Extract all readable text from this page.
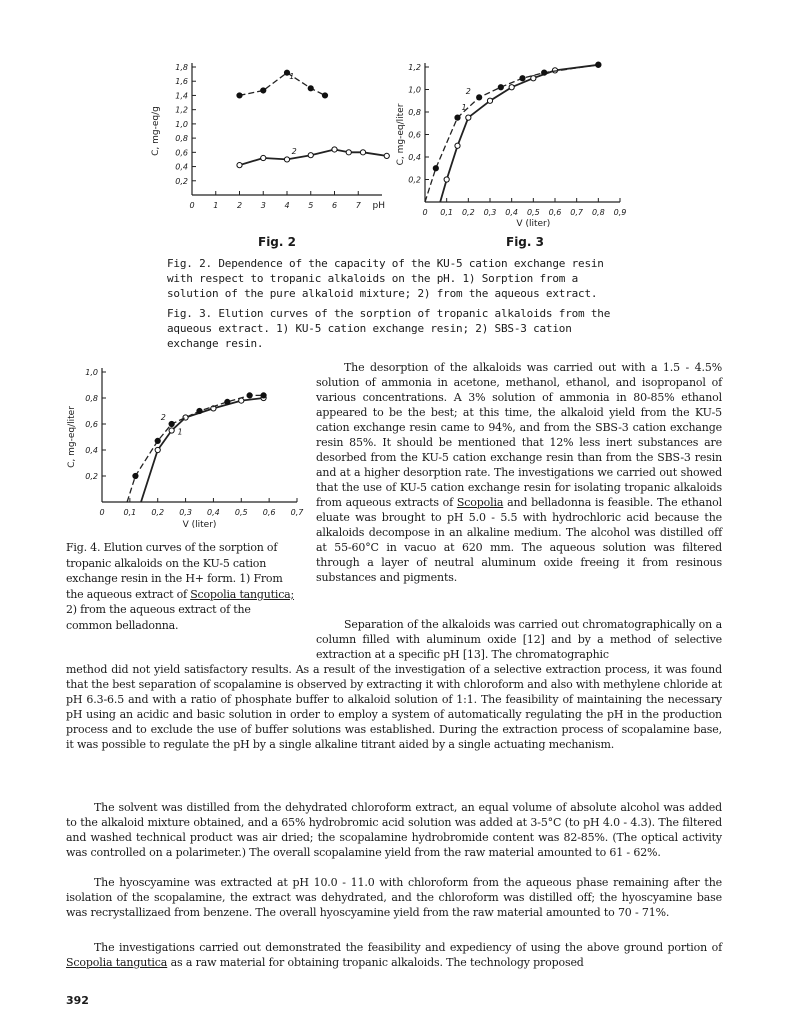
0,2
0,4
0,6
0,8
1,0
1,2
1,4
1,6
1,8
0 1 2 3 4 5 6 7
C, mg-eq/g
pH
1
2
Fig. 2
0,2
0,4
0,6
0,8
1,0
1,2
0 0,1 0,2 0,3 0,4 0,5 0,6 0,7 0,8 0,9
C, mg-eq/liter
V (liter)
1
2
Fig. 3
Fig. 2. Dependence of the capacity of the KU-5 cation exchange resin with respect to tropanic alkaloids on the pH. 1) Sorption from a solution of the pure alkaloid mixture; 2) from the aqueous extract.
Fig. 3. Elution curves of the sorption of tropanic alkaloids from the aqueous extract. 1) KU-5 cation exchange resin; 2) SBS-3 cation exchange resin.
0,2
0,4
0,6
0,8
1,0
0 0,1 0,2 0,3 0,4 0,5 0,6 0,7
C, mg-eq/liter
V (liter)
1
2
Fig. 4. Elution curves of the sorption of tropanic alkaloids on the KU-5 cation exchange resin in the H+ form. 1) From the aqueous extract of Scopolia tangutica; 2) from the aqueous extract of the common belladonna.

The desorption of the alkaloids was carried out with a 1.5 - 4.5% solution of ammonia in acetone, methanol, ethanol, and isopropanol of various concentrations. A 3% solution of ammonia in 80-85% ethanol appeared to be the best; at this time, the alkaloid yield from the KU-5 cation exchange resin came to 94%, and from the SBS-3 cation exchange resin 85%. It should be mentioned that 12% less inert substances are desorbed from the KU-5 cation exchange resin than from the SBS-3 resin and at a higher desorption rate. The investigations we carried out showed that the use of KU-5 cation exchange resin for isolating tropanic alkaloids from aqueous extracts of Scopolia and belladonna is feasible. The ethanol eluate was brought to pH 5.0 - 5.5 with hydrochloric acid because the alkaloids decompose in an alkaline medium. The alcohol was distilled off at 55-60°C in vacuo at 620 mm. The aqueous solution was filtered through a layer of neutral aluminum oxide freeing it from resinous substances and pigments.

Separation of the alkaloids was carried out chromatographically on a column filled with aluminum oxide [12] and by a method of selective extraction at a specific pH [13]. The chromatographic

method did not yield satisfactory results. As a result of the investigation of a selective extraction process, it was found that the best separation of scopalamine is observed by extracting it with chloroform and also with methylene chloride at pH 6.3-6.5 and with a ratio of phosphate buffer to alkaloid solution of 1:1. The feasibility of maintaining the necessary pH using an acidic and basic solution in order to employ a system of automatically regulating the pH in the production process and to exclude the use of buffer solutions was established. During the extraction process of scopalamine base, it was possible to regulate the pH by a single alkaline titrant aided by a single actuating mechanism.

The solvent was distilled from the dehydrated chloroform extract, an equal volume of absolute alcohol was added to the alkaloid mixture obtained, and a 65% hydrobromic acid solution was added at 3-5°C (to pH 4.0 - 4.3). The filtered and washed technical product was air dried; the scopalamine hydrobromide content was 82-85%. (The optical activity was controlled on a polarimeter.) The overall scopalamine yield from the raw material amounted to 61 - 62%.

The hyoscyamine was extracted at pH 10.0 - 11.0 with chloroform from the aqueous phase remaining after the isolation of the scopalamine, the extract was dehydrated, and the chloroform was distilled off; the hyoscyamine base was recrystallizaed from benzene. The overall hyoscyamine yield from the raw material amounted to 70 - 71%.

The investigations carried out demonstrated the feasibility and expediency of using the above ground portion of Scopolia tangutica as a raw material for obtaining tropanic alkaloids. The technology proposed

392
